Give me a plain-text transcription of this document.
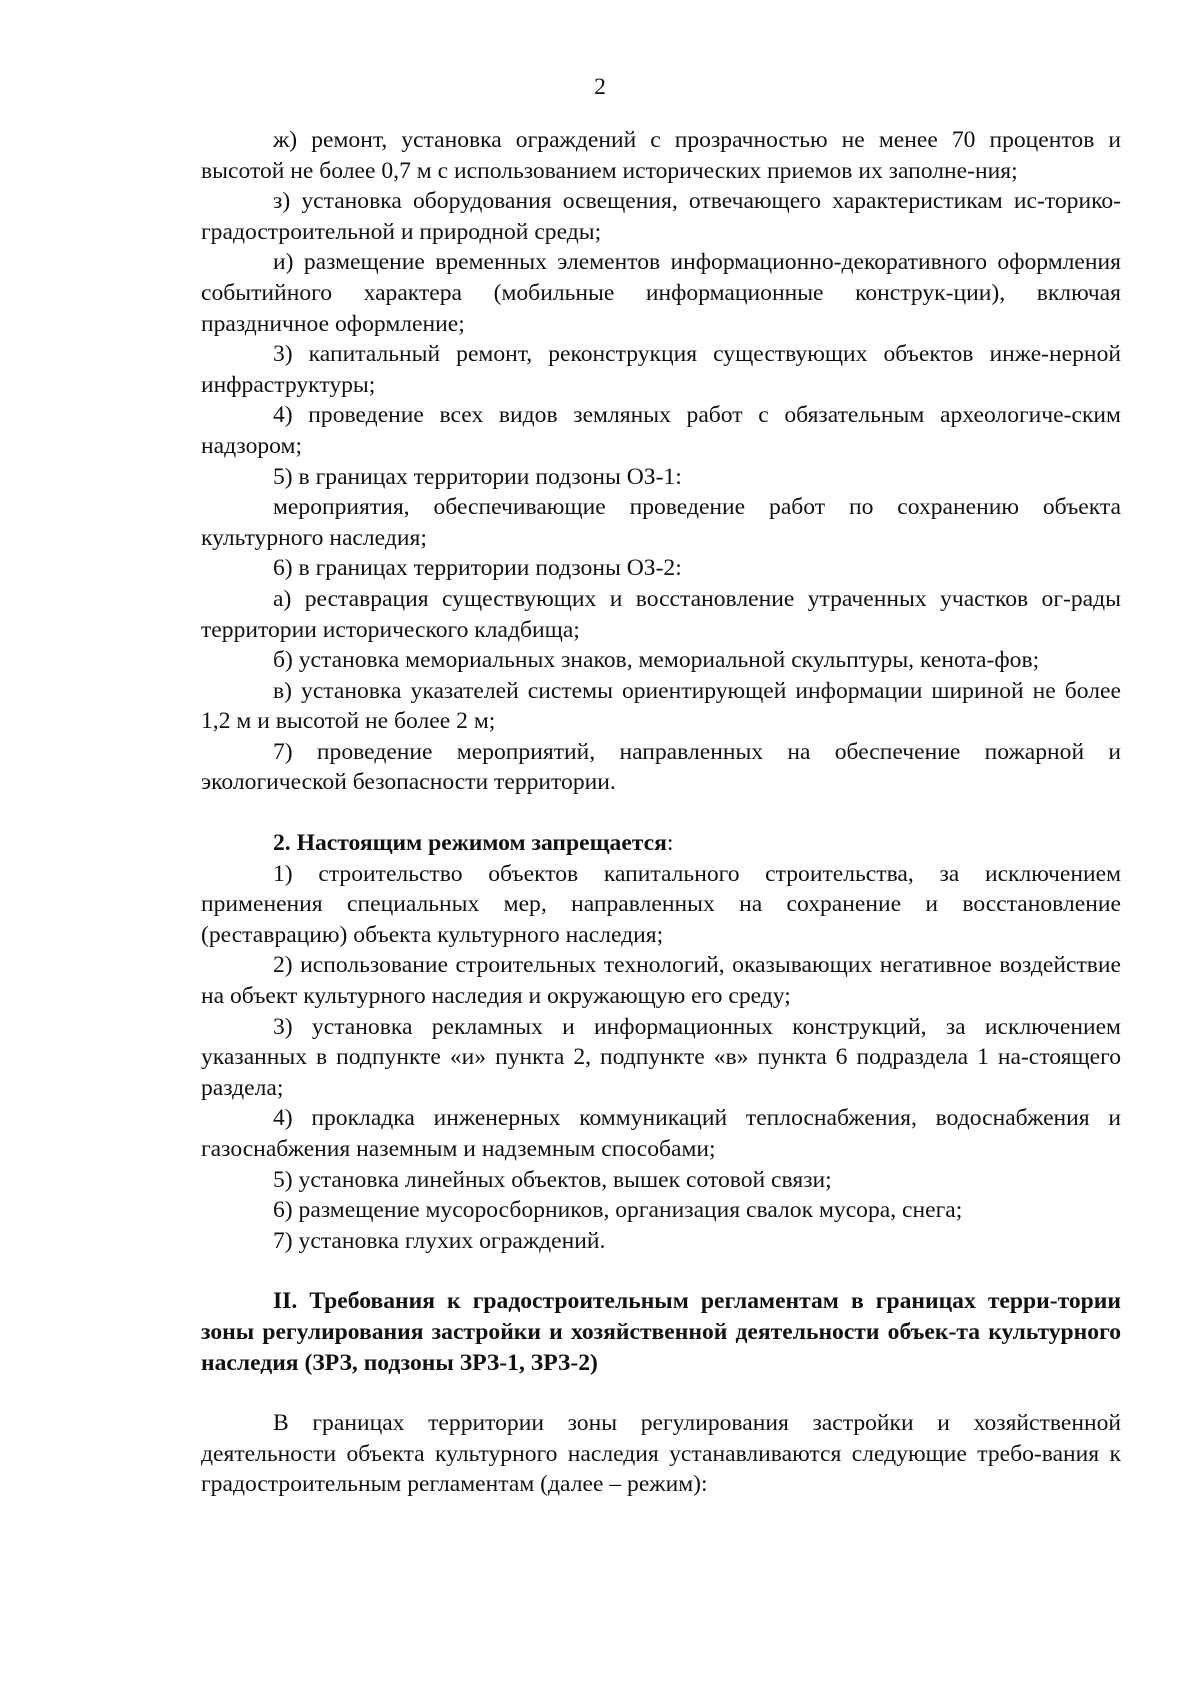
2

ж) ремонт, установка ограждений с прозрачностью не менее 70 процентов и высотой не более 0,7 м с использованием исторических приемов их заполне-ния;

з) установка оборудования освещения, отвечающего характеристикам ис-торико-градостроительной и природной среды;

и) размещение временных элементов информационно-декоративного оформления событийного характера (мобильные информационные конструк-ции), включая праздничное оформление;

3) капитальный ремонт, реконструкция существующих объектов инже-нерной инфраструктуры;

4) проведение всех видов земляных работ с обязательным археологиче-ским надзором;

5) в границах территории подзоны ОЗ-1:

мероприятия, обеспечивающие проведение работ по сохранению объекта культурного наследия;

6) в границах территории подзоны ОЗ-2:

а) реставрация существующих и восстановление утраченных участков ог-рады территории исторического кладбища;

б) установка мемориальных знаков, мемориальной скульптуры, кенота-фов;

в) установка указателей системы ориентирующей информации шириной не более 1,2 м и высотой не более 2 м;

7) проведение мероприятий, направленных на обеспечение пожарной и экологической безопасности территории.

2. Настоящим режимом запрещается:

1) строительство объектов капитального строительства, за исключением применения специальных мер, направленных на сохранение и восстановление (реставрацию) объекта культурного наследия;

2) использование строительных технологий, оказывающих негативное воздействие на объект культурного наследия и окружающую его среду;

3) установка рекламных и информационных конструкций, за исключением указанных в подпункте «и» пункта 2, подпункте «в» пункта 6 подраздела 1 на-стоящего раздела;

4) прокладка инженерных коммуникаций теплоснабжения, водоснабжения и газоснабжения наземным и надземным способами;

5) установка линейных объектов, вышек сотовой связи;

6) размещение мусоросборников, организация свалок мусора, снега;

7) установка глухих ограждений.

II. Требования к градостроительным регламентам в границах терри-тории зоны регулирования застройки и хозяйственной деятельности объек-та культурного наследия (ЗРЗ, подзоны ЗРЗ-1, ЗРЗ-2)

В границах территории зоны регулирования застройки и хозяйственной деятельности объекта культурного наследия устанавливаются следующие требо-вания к градостроительным регламентам (далее – режим):
